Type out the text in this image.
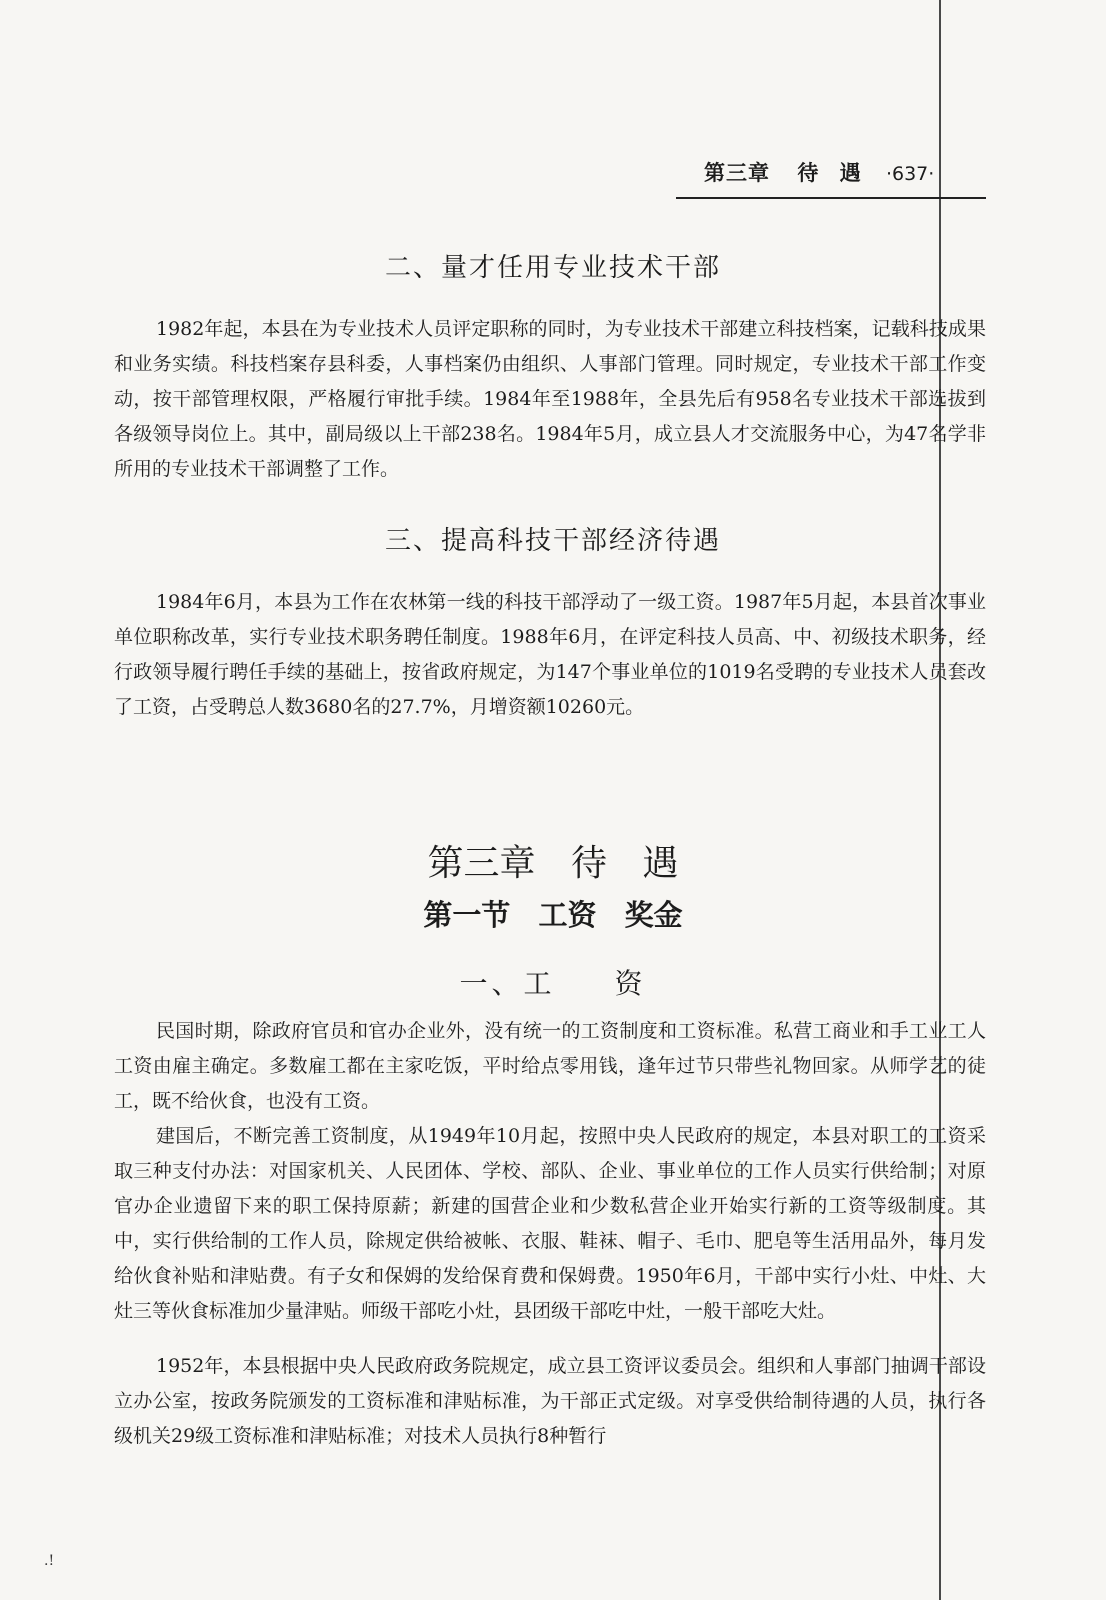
第三章 待 遇 ·637·
二、量才任用专业技术干部

1982年起，本县在为专业技术人员评定职称的同时，为专业技术干部建立科技档案，记载科技成果和业务实绩。科技档案存县科委，人事档案仍由组织、人事部门管理。同时规定，专业技术干部工作变动，按干部管理权限，严格履行审批手续。1984年至1988年，全县先后有958名专业技术干部选拔到各级领导岗位上。其中，副局级以上干部238名。1984年5月，成立县人才交流服务中心，为47名学非所用的专业技术干部调整了工作。

三、提高科技干部经济待遇

1984年6月，本县为工作在农林第一线的科技干部浮动了一级工资。1987年5月起，本县首次事业单位职称改革，实行专业技术职务聘任制度。1988年6月，在评定科技人员高、中、初级技术职务，经行政领导履行聘任手续的基础上，按省政府规定，为147个事业单位的1019名受聘的专业技术人员套改了工资，占受聘总人数3680名的27.7%，月增资额10260元。

第三章 待 遇
第一节 工资 奖金
一、工 资

民国时期，除政府官员和官办企业外，没有统一的工资制度和工资标准。私营工商业和手工业工人工资由雇主确定。多数雇工都在主家吃饭，平时给点零用钱，逢年过节只带些礼物回家。从师学艺的徒工，既不给伙食，也没有工资。

建国后，不断完善工资制度，从1949年10月起，按照中央人民政府的规定，本县对职工的工资采取三种支付办法：对国家机关、人民团体、学校、部队、企业、事业单位的工作人员实行供给制；对原官办企业遗留下来的职工保持原薪；新建的国营企业和少数私营企业开始实行新的工资等级制度。其中，实行供给制的工作人员，除规定供给被帐、衣服、鞋袜、帽子、毛巾、肥皂等生活用品外，每月发给伙食补贴和津贴费。有子女和保姆的发给保育费和保姆费。1950年6月，干部中实行小灶、中灶、大灶三等伙食标准加少量津贴。师级干部吃小灶，县团级干部吃中灶，一般干部吃大灶。

1952年，本县根据中央人民政府政务院规定，成立县工资评议委员会。组织和人事部门抽调干部设立办公室，按政务院颁发的工资标准和津贴标准，为干部正式定级。对享受供给制待遇的人员，执行各级机关29级工资标准和津贴标准；对技术人员执行8种暂行

.!
